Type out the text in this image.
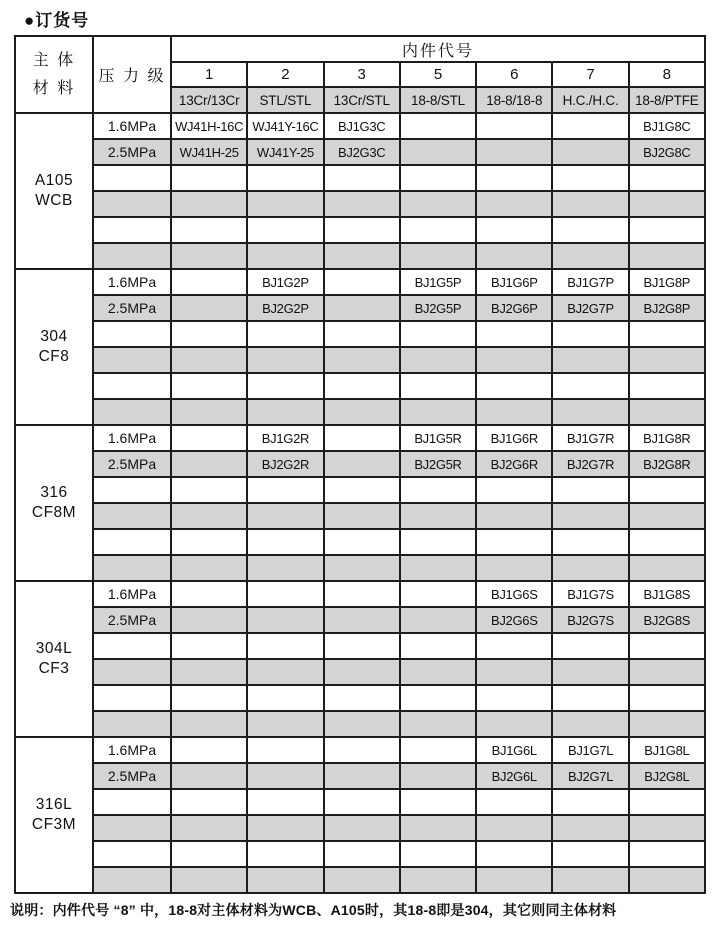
●订货号
主 体
材 料	压 力 级	内件代号						
		1	2	3	5	6	7	8
		13Cr/13Cr	STL/STL	13Cr/STL	18-8/STL	18-8/18-8	H.C./H.C.	18-8/PTFE

A105
WCB	1.6MPa	WJ41H-16C	WJ41Y-16C	BJ1G3C				BJ1G8C
	2.5MPa	WJ41H-25	WJ41Y-25	BJ2G3C				BJ2G8C

304
CF8	1.6MPa		BJ1G2P		BJ1G5P	BJ1G6P	BJ1G7P	BJ1G8P
	2.5MPa		BJ2G2P		BJ2G5P	BJ2G6P	BJ2G7P	BJ2G8P

316
CF8M	1.6MPa		BJ1G2R		BJ1G5R	BJ1G6R	BJ1G7R	BJ1G8R
	2.5MPa		BJ2G2R		BJ2G5R	BJ2G6R	BJ2G7R	BJ2G8R

304L
CF3	1.6MPa					BJ1G6S	BJ1G7S	BJ1G8S
	2.5MPa					BJ2G6S	BJ2G7S	BJ2G8S

316L
CF3M	1.6MPa					BJ1G6L	BJ1G7L	BJ1G8L
	2.5MPa					BJ2G6L	BJ2G7L	BJ2G8L

说明：内件代号 “8” 中，18-8对主体材料为WCB、A105时，其18-8即是304，其它则同主体材料
